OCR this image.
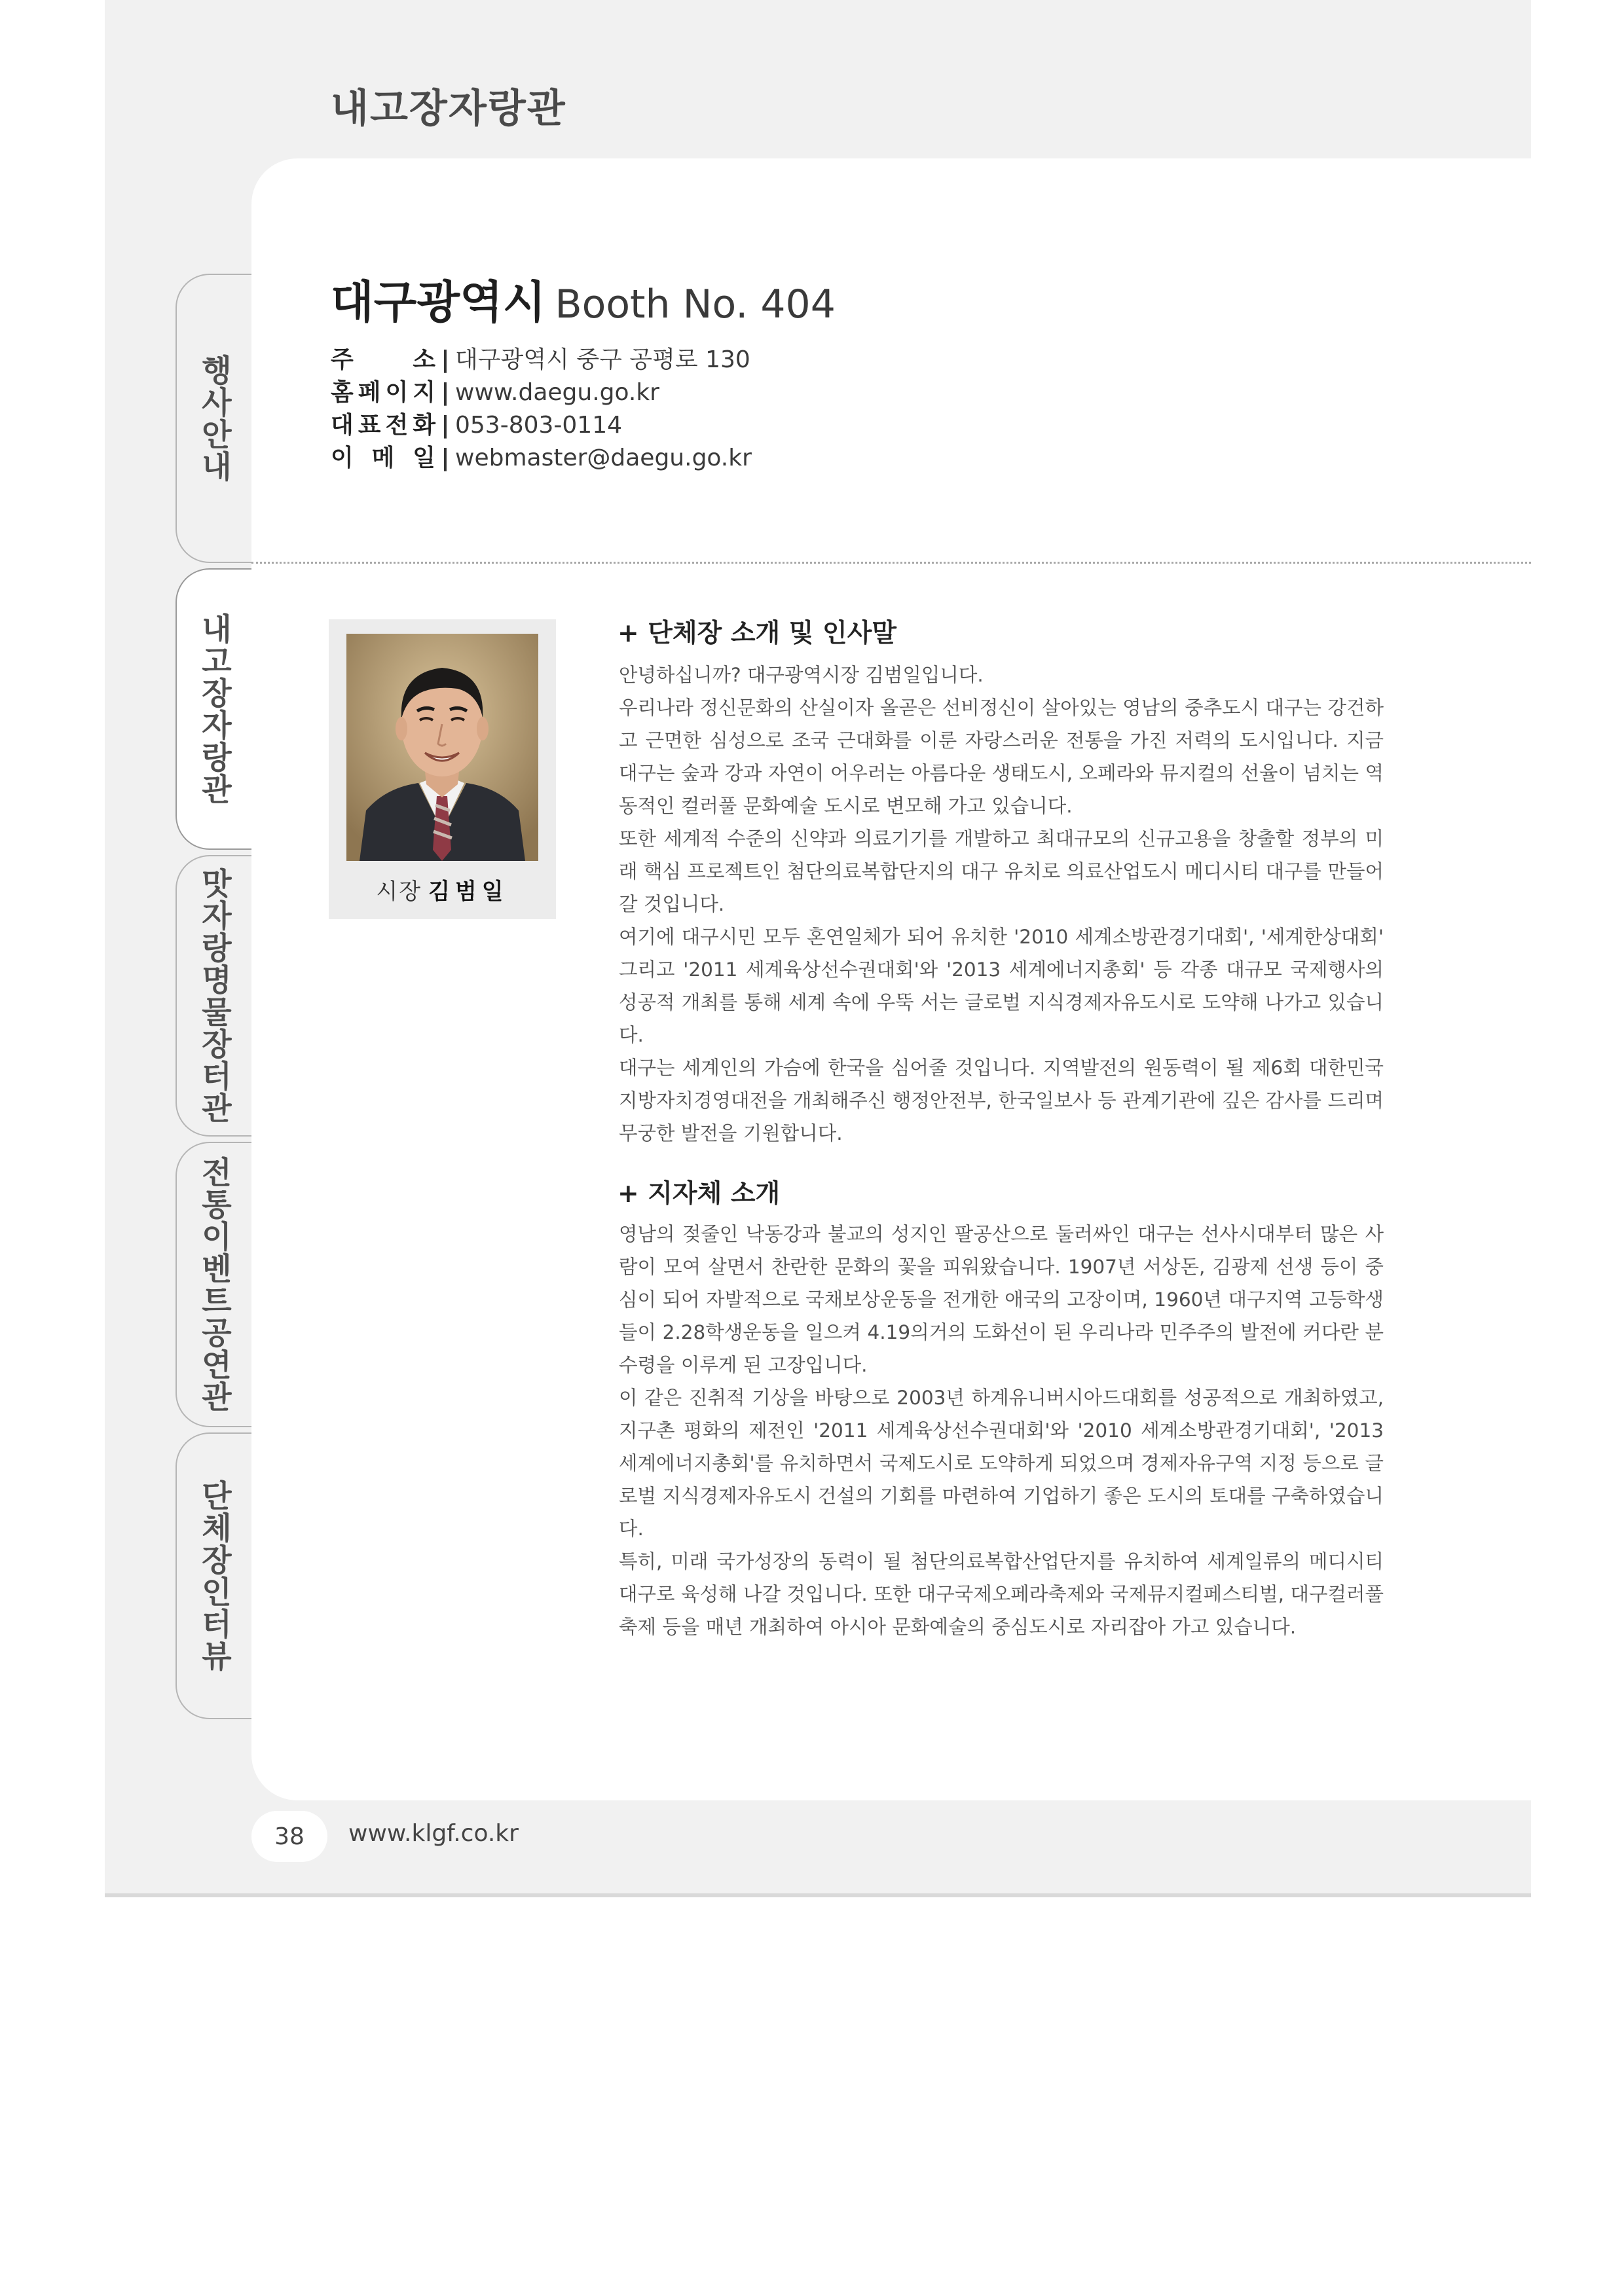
내고장자랑관
행사안내
내고장자랑관
맛자랑명물장터관
전통이벤트공연관
단체장인터뷰
대구광역시 Booth No. 404
주	소 | 대구광역시 중구 공평로 130
홈 페 이 지 | www.daegu.go.kr
대 표 전 화 | 053-803-0114
이 메 일 | webmaster@daegu.go.kr
시장 김범일
+ 단체장 소개 및 인사말

안녕하십니까? 대구광역시장 김범일입니다.

우리나라 정신문화의 산실이자 올곧은 선비정신이 살아있는 영남의 중추도시 대구는 강건하고 근면한 심성으로 조국 근대화를 이룬 자랑스러운 전통을 가진 저력의 도시입니다. 지금 대구는 숲과 강과 자연이 어우러는 아름다운 생태도시, 오페라와 뮤지컬의 선율이 넘치는 역동적인 컬러풀 문화예술 도시로 변모해 가고 있습니다.

또한 세계적 수준의 신약과 의료기기를 개발하고 최대규모의 신규고용을 창출할 정부의 미래 핵심 프로젝트인 첨단의료복합단지의 대구 유치로 의료산업도시 메디시티 대구를 만들어 갈 것입니다.

여기에 대구시민 모두 혼연일체가 되어 유치한 '2010 세계소방관경기대회', '세계한상대회' 그리고 '2011 세계육상선수권대회'와 '2013 세계에너지총회' 등 각종 대규모 국제행사의 성공적 개최를 통해 세계 속에 우뚝 서는 글로벌 지식경제자유도시로 도약해 나가고 있습니다.

대구는 세계인의 가슴에 한국을 심어줄 것입니다. 지역발전의 원동력이 될 제6회 대한민국 지방자치경영대전을 개최해주신 행정안전부, 한국일보사 등 관계기관에 깊은 감사를 드리며 무궁한 발전을 기원합니다.

+ 지자체 소개

영남의 젖줄인 낙동강과 불교의 성지인 팔공산으로 둘러싸인 대구는 선사시대부터 많은 사람이 모여 살면서 찬란한 문화의 꽃을 피워왔습니다. 1907년 서상돈, 김광제 선생 등이 중심이 되어 자발적으로 국채보상운동을 전개한 애국의 고장이며, 1960년 대구지역 고등학생들이 2.28학생운동을 일으켜 4.19의거의 도화선이 된 우리나라 민주주의 발전에 커다란 분수령을 이루게 된 고장입니다.

이 같은 진취적 기상을 바탕으로 2003년 하계유니버시아드대회를 성공적으로 개최하였고, 지구촌 평화의 제전인 '2011 세계육상선수권대회'와 '2010 세계소방관경기대회', '2013 세계에너지총회'를 유치하면서 국제도시로 도약하게 되었으며 경제자유구역 지정 등으로 글로벌 지식경제자유도시 건설의 기회를 마련하여 기업하기 좋은 도시의 토대를 구축하였습니다.

특히, 미래 국가성장의 동력이 될 첨단의료복합산업단지를 유치하여 세계일류의 메디시티 대구로 육성해 나갈 것입니다. 또한 대구국제오페라축제와 국제뮤지컬페스티벌, 대구컬러풀축제 등을 매년 개최하여 아시아 문화예술의 중심도시로 자리잡아 가고 있습니다.

38	www.klgf.co.kr
